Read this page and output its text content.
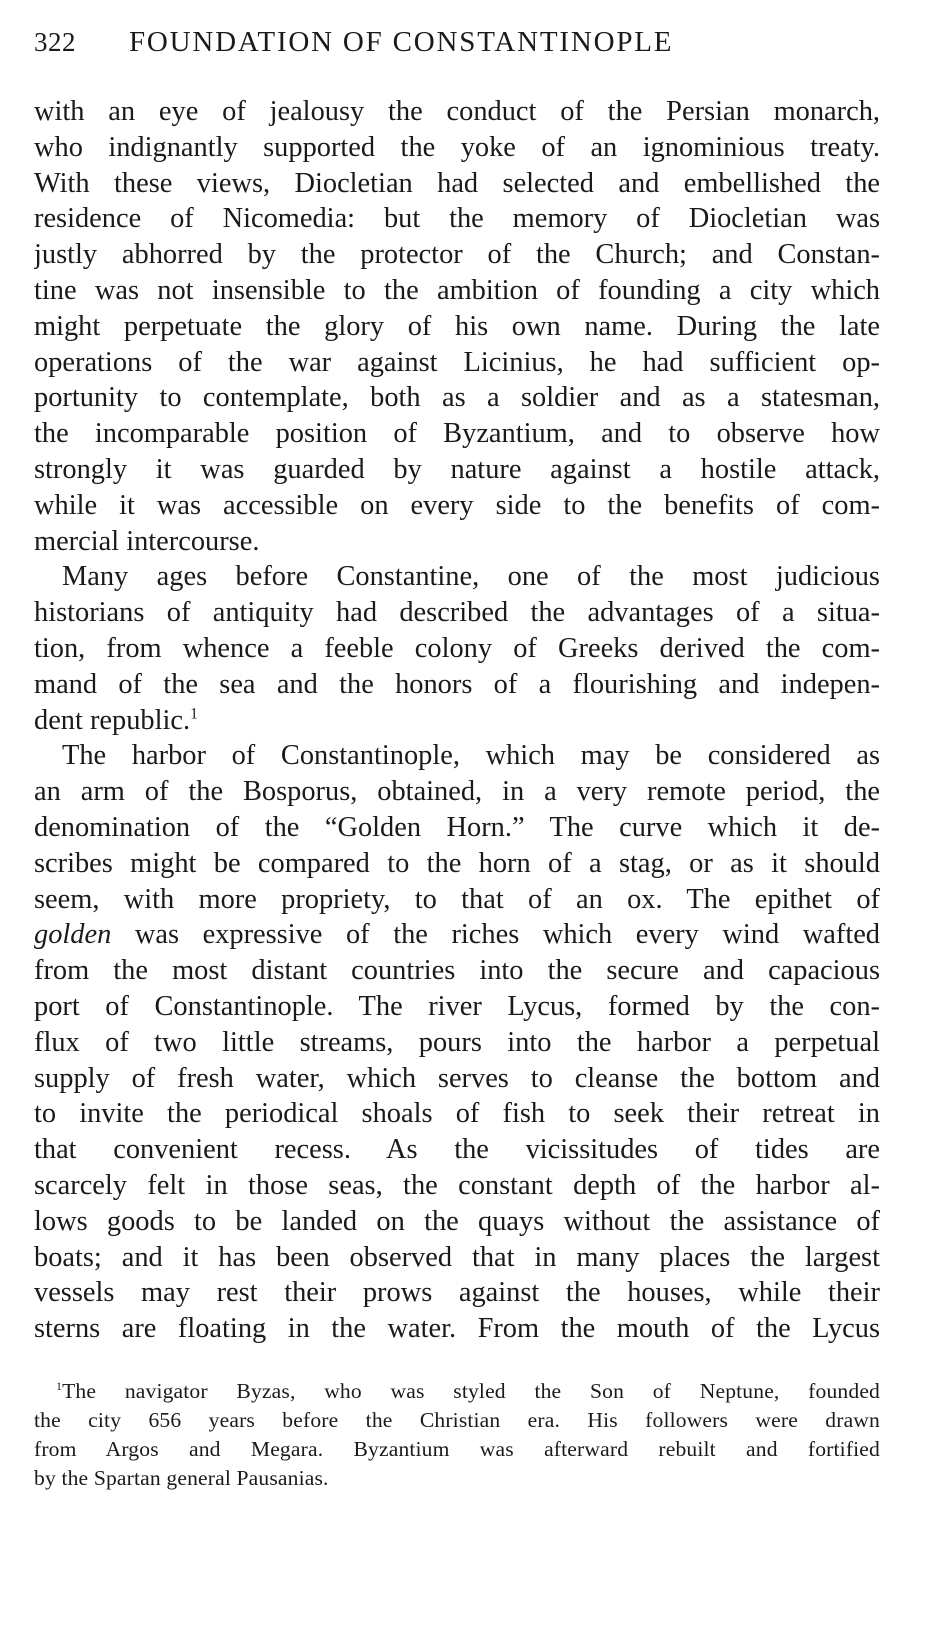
322	FOUNDATION OF CONSTANTINOPLE
with an eye of jealousy the conduct of the Persian monarch,
who indignantly supported the yoke of an ignominious treaty.
With these views, Diocletian had selected and embellished the
residence of Nicomedia: but the memory of Diocletian was
justly abhorred by the protector of the Church; and Constan-
tine was not insensible to the ambition of founding a city which
might perpetuate the glory of his own name. During the late
operations of the war against Licinius, he had sufficient op-
portunity to contemplate, both as a soldier and as a statesman,
the incomparable position of Byzantium, and to observe how
strongly it was guarded by nature against a hostile attack,
while it was accessible on every side to the benefits of com-
mercial intercourse.
Many ages before Constantine, one of the most judicious
historians of antiquity had described the advantages of a situa-
tion, from whence a feeble colony of Greeks derived the com-
mand of the sea and the honors of a flourishing and indepen-
dent republic.$^1$
The harbor of Constantinople, which may be considered as
an arm of the Bosporus, obtained, in a very remote period, the
denomination of the “Golden Horn.” The curve which it de-
scribes might be compared to the horn of a stag, or as it should
seem, with more propriety, to that of an ox. The epithet of
golden was expressive of the riches which every wind wafted
from the most distant countries into the secure and capacious
port of Constantinople. The river Lycus, formed by the con-
flux of two little streams, pours into the harbor a perpetual
supply of fresh water, which serves to cleanse the bottom and
to invite the periodical shoals of fish to seek their retreat in
that convenient recess. As the vicissitudes of tides are
scarcely felt in those seas, the constant depth of the harbor al-
lows goods to be landed on the quays without the assistance of
boats; and it has been observed that in many places the largest
vessels may rest their prows against the houses, while their
sterns are floating in the water. From the mouth of the Lycus
$^1$The navigator Byzas, who was styled the Son of Neptune, founded
the city 656 years before the Christian era. His followers were drawn
from Argos and Megara. Byzantium was afterward rebuilt and fortified
by the Spartan general Pausanias.
